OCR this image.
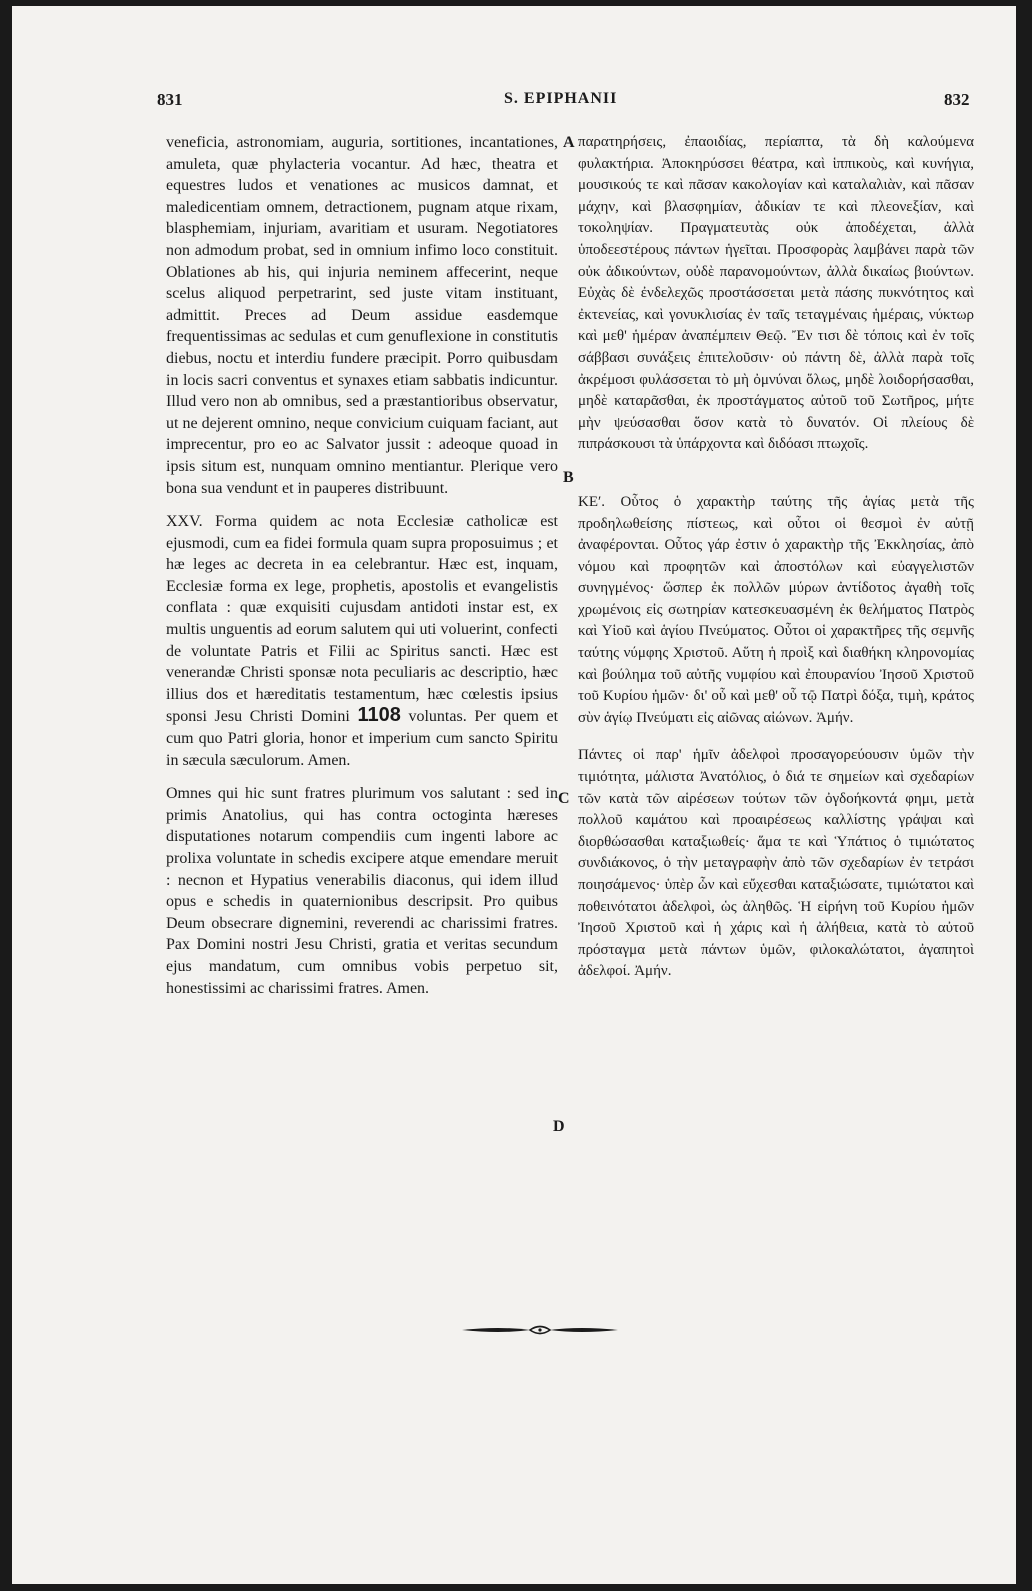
831	S. EPIPHANII	832

veneficia, astronomiam, auguria, sortitiones, incantationes, amuleta, quæ phylacteria vocantur. Ad hæc, theatra et equestres ludos et venationes ac musicos damnat, et maledicentiam omnem, detractionem, pugnam atque rixam, blasphemiam, injuriam, avaritiam et usuram. Negotiatores non admodum probat, sed in omnium infimo loco constituit. Oblationes ab his, qui injuria neminem affecerint, neque scelus aliquod perpetrarint, sed juste vitam instituant, admittit. Preces ad Deum assidue easdemque frequentissimas ac sedulas et cum genuflexione in constitutis diebus, noctu et interdiu fundere præcipit. Porro quibusdam in locis sacri conventus et synaxes etiam sabbatis indicuntur. Illud vero non ab omnibus, sed a præstantioribus observatur, ut ne dejerent omnino, neque convicium cuiquam faciant, aut imprecentur, pro eo ac Salvator jussit : adeoque quoad in ipsis situm est, nunquam omnino mentiantur. Plerique vero bona sua vendunt et in pauperes distribuunt.

XXV. Forma quidem ac nota Ecclesiæ catholicæ est ejusmodi, cum ea fidei formula quam supra proposuimus ; et hæ leges ac decreta in ea celebrantur. Hæc est, inquam, Ecclesiæ forma ex lege, prophetis, apostolis et evangelistis conflata : quæ exquisiti cujusdam antidoti instar est, ex multis unguentis ad eorum salutem qui uti voluerint, confecti de voluntate Patris et Filii ac Spiritus sancti. Hæc est venerandæ Christi sponsæ nota peculiaris ac descriptio, hæc illius dos et hæreditatis testamentum, hæc cœlestis ipsius sponsi Jesu Christi Domini 1108 voluntas. Per quem et cum quo Patri gloria, honor et imperium cum sancto Spiritu in sæcula sæculorum. Amen.

Omnes qui hic sunt fratres plurimum vos salutant : sed in primis Anatolius, qui has contra octoginta hæreses disputationes notarum compendiis cum ingenti labore ac prolixa voluntate in schedis excipere atque emendare meruit : necnon et Hypatius venerabilis diaconus, qui idem illud opus e schedis in quaternionibus descripsit. Pro quibus Deum obsecrare dignemini, reverendi ac charissimi fratres. Pax Domini nostri Jesu Christi, gratia et veritas secundum ejus mandatum, cum omnibus vobis perpetuo sit, honestissimi ac charissimi fratres. Amen.

A
B
C
D

παρατηρήσεις, ἐπαοιδίας, περίαπτα, τὰ δὴ καλούμενα φυλακτήρια. Ἀποκηρύσσει θέατρα, καὶ ἱππικοὺς, καὶ κυνήγια, μουσικούς τε καὶ πᾶσαν κακολογίαν καὶ καταλαλιὰν, καὶ πᾶσαν μάχην, καὶ βλασφημίαν, ἀδικίαν τε καὶ πλεονεξίαν, καὶ τοκοληψίαν. Πραγματευτὰς οὐκ ἀποδέχεται, ἀλλὰ ὑποδεεστέρους πάντων ἡγεῖται. Προσφορὰς λαμβάνει παρὰ τῶν οὐκ ἀδικούντων, οὐδὲ παρανομούντων, ἀλλὰ δικαίως βιούντων. Εὐχὰς δὲ ἐνδελεχῶς προστάσσεται μετὰ πάσης πυκνότητος καὶ ἐκτενείας, καὶ γονυκλισίας ἐν ταῖς τεταγμέναις ἡμέραις, νύκτωρ καὶ μεθ' ἡμέραν ἀναπέμπειν Θεῷ. Ἔν τισι δὲ τόποις καὶ ἐν τοῖς σάββασι συνάξεις ἐπιτελοῦσιν· οὐ πάντη δὲ, ἀλλὰ παρὰ τοῖς ἀκρέμοσι φυλάσσεται τὸ μὴ ὀμνύναι ὅλως, μηδὲ λοιδορήσασθαι, μηδὲ καταρᾶσθαι, ἐκ προστάγματος αὐτοῦ τοῦ Σωτῆρος, μήτε μὴν ψεύσασθαι ὅσον κατὰ τὸ δυνατόν. Οἱ πλείους δὲ πιπράσκουσι τὰ ὑπάρχοντα καὶ διδόασι πτωχοῖς.

ΚΕʹ. Οὗτος ὁ χαρακτὴρ ταύτης τῆς ἁγίας μετὰ τῆς προδηλωθείσης πίστεως, καὶ οὗτοι οἱ θεσμοὶ ἐν αὐτῇ ἀναφέρονται. Οὗτος γάρ ἐστιν ὁ χαρακτὴρ τῆς Ἐκκλησίας, ἀπὸ νόμου καὶ προφητῶν καὶ ἀποστόλων καὶ εὐαγγελιστῶν συνηγμένος· ὥσπερ ἐκ πολλῶν μύρων ἀντίδοτος ἀγαθὴ τοῖς χρωμένοις εἰς σωτηρίαν κατεσκευασμένη ἐκ θελήματος Πατρὸς καὶ Υἱοῦ καὶ ἁγίου Πνεύματος. Οὗτοι οἱ χαρακτῆρες τῆς σεμνῆς ταύτης νύμφης Χριστοῦ. Αὕτη ἡ προὶξ καὶ διαθήκη κληρονομίας καὶ βούλημα τοῦ αὐτῆς νυμφίου καὶ ἐπουρανίου Ἰησοῦ Χριστοῦ τοῦ Κυρίου ἡμῶν· δι' οὗ καὶ μεθ' οὗ τῷ Πατρὶ δόξα, τιμὴ, κράτος σὺν ἁγίῳ Πνεύματι εἰς αἰῶνας αἰώνων. Ἀμήν.

Πάντες οἱ παρ' ἡμῖν ἀδελφοὶ προσαγορεύουσιν ὑμῶν τὴν τιμιότητα, μάλιστα Ἀνατόλιος, ὁ διά τε σημείων καὶ σχεδαρίων τῶν κατὰ τῶν αἱρέσεων τούτων τῶν ὀγδοήκοντά φημι, μετὰ πολλοῦ καμάτου καὶ προαιρέσεως καλλίστης γράψαι καὶ διορθώσασθαι καταξιωθείς· ἅμα τε καὶ Ὑπάτιος ὁ τιμιώτατος συνδιάκονος, ὁ τὴν μεταγραφὴν ἀπὸ τῶν σχεδαρίων ἐν τετράσι ποιησάμενος· ὑπὲρ ὧν καὶ εὔχεσθαι καταξιώσατε, τιμιώτατοι καὶ ποθεινότατοι ἀδελφοὶ, ὡς ἀληθῶς. Ἡ εἰρήνη τοῦ Κυρίου ἡμῶν Ἰησοῦ Χριστοῦ καὶ ἡ χάρις καὶ ἡ ἀλήθεια, κατὰ τὸ αὐτοῦ πρόσταγμα μετὰ πάντων ὑμῶν, φιλοκαλώτατοι, ἀγαπητοὶ ἀδελφοί. Ἀμήν.
